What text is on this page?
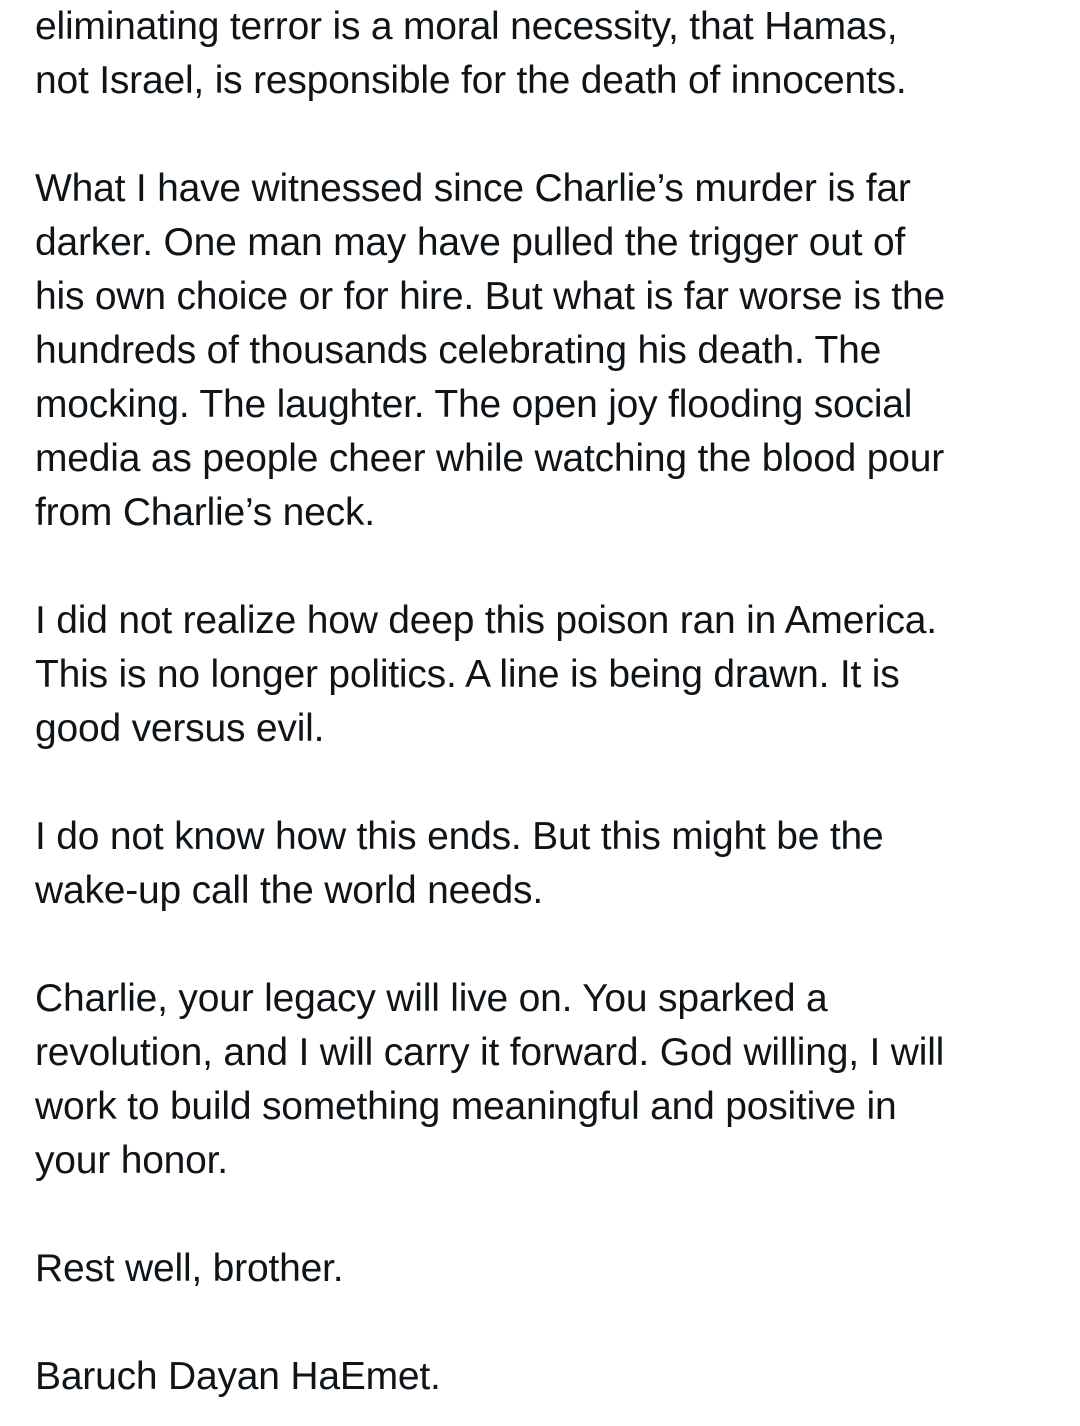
eliminating terror is a moral necessity, that Hamas,
not Israel, is responsible for the death of innocents.
What I have witnessed since Charlie’s murder is far
darker. One man may have pulled the trigger out of
his own choice or for hire. But what is far worse is the
hundreds of thousands celebrating his death. The
mocking. The laughter. The open joy flooding social
media as people cheer while watching the blood pour
from Charlie’s neck.
I did not realize how deep this poison ran in America.
This is no longer politics. A line is being drawn. It is
good versus evil.
I do not know how this ends. But this might be the
wake-up call the world needs.
Charlie, your legacy will live on. You sparked a
revolution, and I will carry it forward. God willing, I will
work to build something meaningful and positive in
your honor.
Rest well, brother.
Baruch Dayan HaEmet.
